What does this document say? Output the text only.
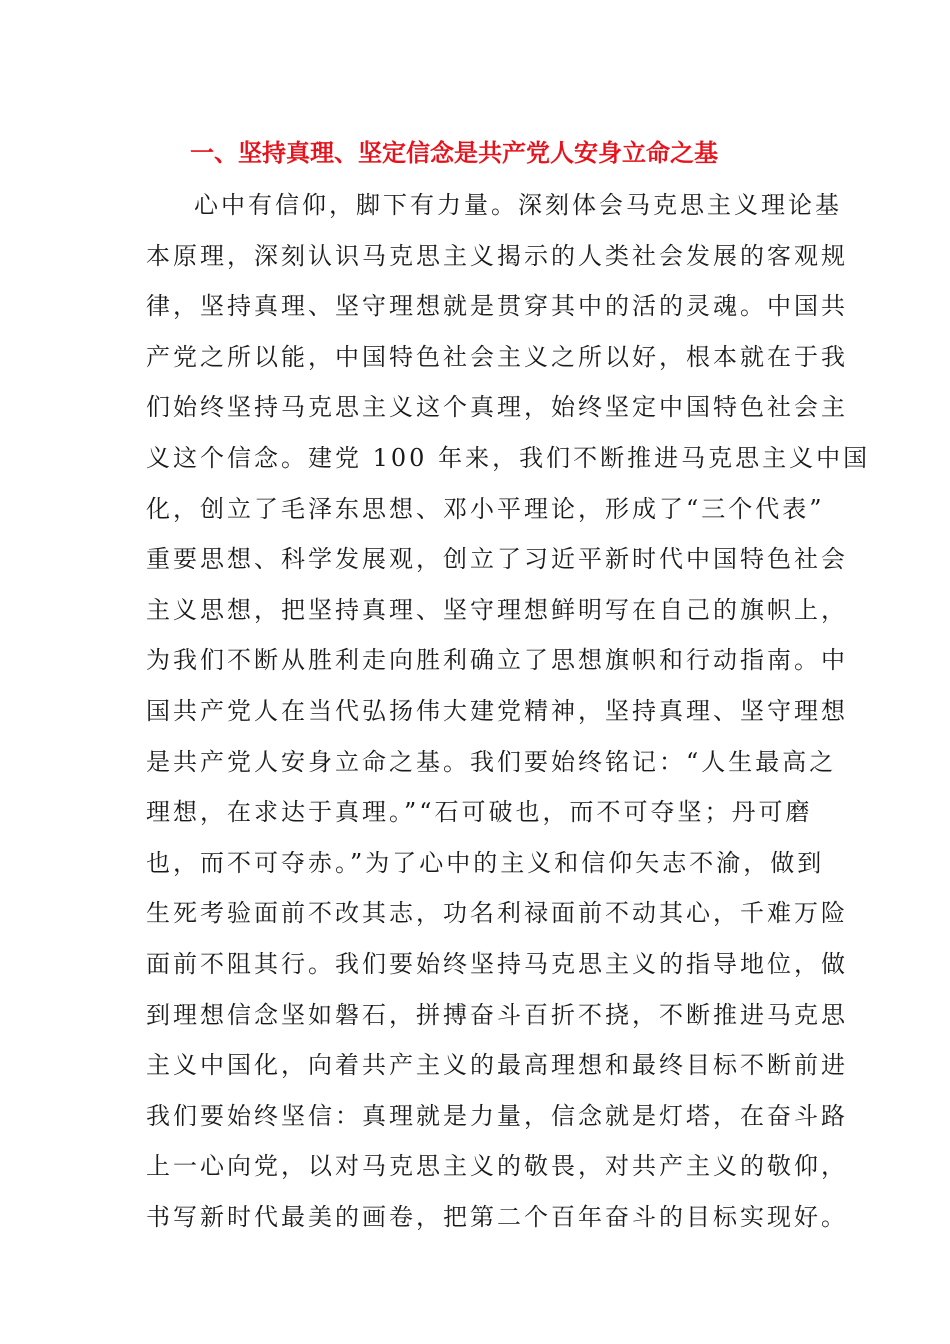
一、坚持真理、坚定信念是共产党人安身立命之基
心中有信仰，脚下有力量。深刻体会马克思主义理论基
本原理，深刻认识马克思主义揭示的人类社会发展的客观规
律，坚持真理、坚守理想就是贯穿其中的活的灵魂。中国共
产党之所以能，中国特色社会主义之所以好，根本就在于我
们始终坚持马克思主义这个真理，始终坚定中国特色社会主
义这个信念。建党 100 年来，我们不断推进马克思主义中国
化，创立了毛泽东思想、邓小平理论，形成了“三个代表”
重要思想、科学发展观，创立了习近平新时代中国特色社会
主义思想，把坚持真理、坚守理想鲜明写在自己的旗帜上，
为我们不断从胜利走向胜利确立了思想旗帜和行动指南。中
国共产党人在当代弘扬伟大建党精神，坚持真理、坚守理想
是共产党人安身立命之基。我们要始终铭记：“人生最高之
理想，在求达于真理。”“石可破也，而不可夺坚；丹可磨
也，而不可夺赤。”为了心中的主义和信仰矢志不渝，做到
生死考验面前不改其志，功名利禄面前不动其心，千难万险
面前不阻其行。我们要始终坚持马克思主义的指导地位，做
到理想信念坚如磐石，拼搏奋斗百折不挠，不断推进马克思
主义中国化，向着共产主义的最高理想和最终目标不断前进
我们要始终坚信：真理就是力量，信念就是灯塔，在奋斗路
上一心向党，以对马克思主义的敬畏，对共产主义的敬仰，
书写新时代最美的画卷，把第二个百年奋斗的目标实现好。
